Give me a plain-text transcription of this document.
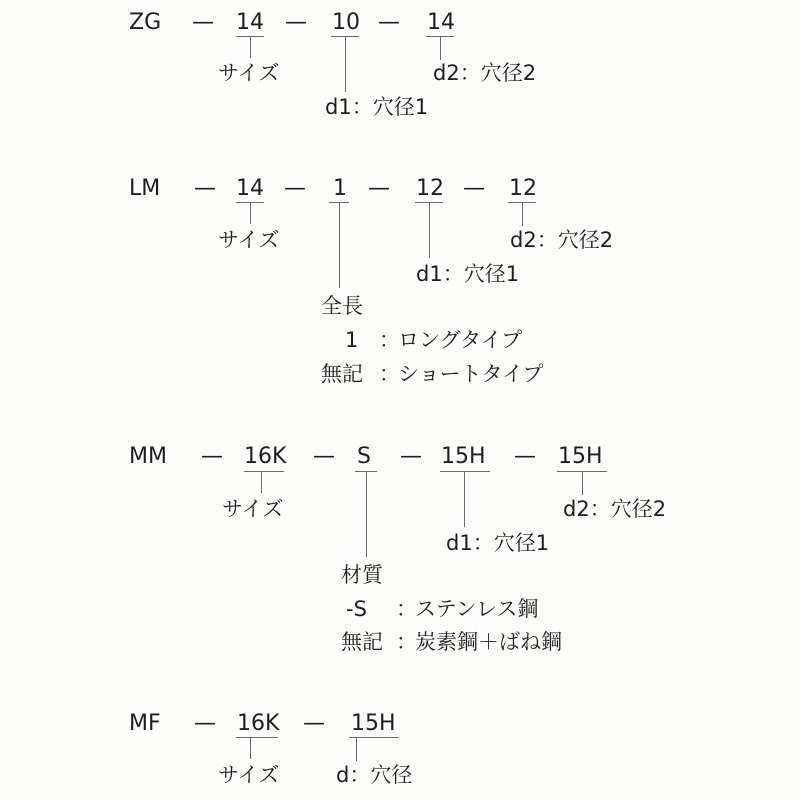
ZG — 14 — 10 — 14
サイズ	d2：穴径2
d1：穴径1
LM — 14 — 1 — 12 — 12
サイズ	d2：穴径2
d1：穴径1
全長
1 ：
ロングタイプ
無記 ：
ショートタイプ
MM — 16K — S — 15H — 15H
サイズ	d2：穴径2
d1：穴径1
材質
-S ：
ステンレス鋼
無記 ：
炭素鋼＋ばね鋼
MF — 16K — 15H
サイズ	d：穴径
